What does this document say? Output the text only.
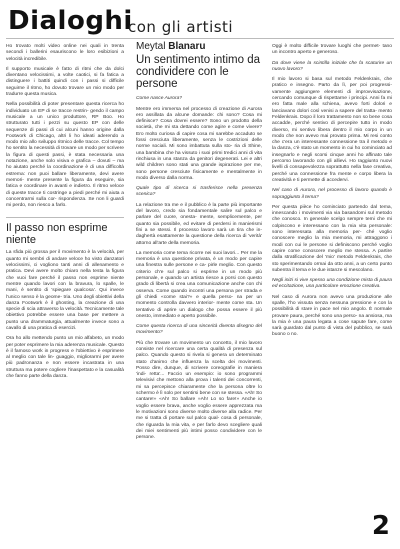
Dialoghi
con gli artisti

Ho trovato molti video online nei quali in trenta secondi i ballerini esauriscono le loro esibizioni a velocità incredibile.

Il supporto musicale è fatto di ritmi che da dolci diventano velocissimi, a volte caotici, si fa fatica a distinguere i battiti quindi con i passi si difficile seguirne il ritmo, ho dovuto trovare un mio modo per tradurre questa musica.

Nella possibilità di poter presentare questa ricerca ho individuato un EP di se tracce restrin- gendo il campo musicale a un unico produttore, RP Boo. Ho strutturato tutti i pezzi su questo EP con delle sequenze di passi di cui alcuni hanno origine dalla Footwork di Chicago, altri li ho ideati aderendo a modo mio allo sviluppo ritmico delle tracce. Col tempo ho sentito la necessità di trovare un modo per scrivere la figura di questi passi, è stata necessaria una notazione, anche solo visiva e grafica – dovuti – ma ho aiutato perché la coordinazione è di una difficoltà estrema: non puoi ballare liberamente, devi avere memori- mente presente la figura da eseguire, sia fatica e coordinare in avanti e indietro. Il ritmo veloce di queste tracce ti costringe a piedi perché mi aiuta a concentrarmi sulla cor- rispondenza. Se non li guardi mi perdo, non riesco a farlo.

Il passo non esprime niente

La sfida più grossa per il movimento è la velocità, per quanto mi sembri di andare veloce ho visto danzatori velocissimi, ci vogliono tanti anni di allenamento e pratica. Devi avere molto chiaro nella testa la figura che vuoi fare perché il passo non esprime niente mentre quando lavori con la bravura, lo spalle, le mani, è sentito di 'spiegare qualcosa'. Qui invece l'unico senso è la geome- tria. Uno degli obiettivi della danza Footwork è il ghosting, la creazione di una specie di scia attraverso la velocità. Tecnicamente tale obiettivo potrebbe essere una base per mettere a punto una drammaturgia, attualmente invece sono a cavallo di una pratica di esercizi.

Ora ho allo mettendo punto un mio alfabeto, un modo per poter esprimere la mia aderenza musicale. Questo è il famoso work in progress e l'obiettivo è esprimere al meglio con tale lin- guaggio, migliorarmi per avere più padronanza e non essere incastrata in una struttura ma potere cogliere l'inaspettato e la casualità che fanno parte della danza.

Meytal Blanaru

Un sentimento intimo da condividere con le persone

Come nasce Aurora?

Mentre ero immersa nel processo di creazione di Aurora ero assillata da alcune domande: chi sono? Cosa mi definisce? Cosa dovrei essere? Sono un prodotto della società, che mi sta dettando come agire e come vivere? Ero molto curiosa di capire cosa mi sarebbe accaduto se fossi cresciuta liberamente, senza le costrizioni delle norme sociali. Mi sono imbattuta sulla sto- ria di Shine, una bambina che ha vissuto i suoi primi tredici anni di vita rinchiusa in una stanza da genitori degenerati. Lei e altri wild children sono stati una grande ispirazione per me, sono persone cresciute fisicamente e mentalmente in modo diverso dalla norma.

Quale tipo di ricerca si trasferisce nella presenza scenica?

La relazione tra me e il pubblico è la parte più importante del lavoro, credo sia fondamentale salire sul palco e parlare del cuore, onesta- mente, semplicemente, per quanto sia possibile, ed evitare di perdersi in manierismi fini a se stessi. Il processo lavoro sarà un tira che in- daghertà esattamente la questione della ricerca di 'verità' attorno all'arte della memoria.

La memoria come tema ricorre nei suoi lavori... Per me la memoria è una questione privata, è un modo per capire una finestra sulle persone e ca- pirle meglio. Con questo criterio ch'e sul palco si esprime in un modo più personale, e quando un artista riesce a porsi con questo grado di libertà si crea una comunicazione anche con chi osserva. Come quando incontri una persona per strada e gli chiedi «come stai?» e quella perso- na per un momento controlla davvero interior- mente come sta. Un tentativo di aprire un dialogo che possa essere il più onesto, immediato e aperto possibile.

Come questa ricerca di una sincerità diventa disegno del movimento?

Più che trovare un movimento un concetto, il mio lavoro consiste nel ricercare una certa qualità di presenza sul palco. Quando questo si rivela si genera un determinato stato d'animo che influenza la scelta dei movimenti. Posso dire, dunque, di scrivere coreografie in maniera 'indi- retta'... Faccio un esempio: io sono programmi televisivi che mettono alla prova i talenti dei concorrenti, mi sa percepisce chiaramente che la persona oltre lo schermo è lì solo per sentirsi bene con se stessa. «Ah! So cantare!» «Ah! So ballare »Ah! Lo so fare!» Anche io voglio essere brava, anche voglio essere apprezzata ma le motivazioni sono diverse molto diverse alla radice. Per me si tratta di portare sul palco qual- cosa di personale, che riguarda la mia vita, e per farlo devo scegliere quali dei miei sentimenti più intimi posso condividere con le persone.

Oggi è molto difficile trovare luoghi che permet- tano un incontro aperto e generoso.

Da dove viene la scintilla iniziale che fa scaturire un nuovo lavoro?

Il mio lavoro si basa sul metodo Feldenkrais, che pratico e insegno. Parto da lì, per poi progressi- vamente aggiungere elementi di improvvisazione, cercando comunque di rispettarne i principi. Anni fa mi ero fatta male alla schiena, avevo forti dolori e lanciavano dolori così venisi a sapere del tratta- mento Feldenkrais. Dopo il loro trattamento non so bene cosa accadde, perché sentivo di percepire tutto in modo diverso, mi sentivo libera dentro il mio corpo in un modo che non avevo mai provato prima. Mi resi conto che c'era un interessante connessione tra il metodo e la danza, c'è stato un momento in cui ho cominciato ad insegnarlo e negli scorsi cinque anni ho affinato tale percorso lavorando con gli allievi. Ho raggiunto nuovi livelli di consapevolezza soprattutto nella fase creativa, perché una connessione fra mente e corpo libera la creatività e ti permette di accedervi.

Nel caso di Aurora, nel processo di lavoro quando è sopraggiunto il tema?

Per questa pièce ho cominciato partendo dal tema, innescando i movimenti via via basandomi sul metodo che conosco. In generale scelgo sempre temi che mi colpiscono e interessano con la mia vita personale: sono interessata alla memoria per- ché voglio conoscere meglio la mia memoria, mi attraggono i modi con cui le persone si definiscono perché voglio capire come conoscere meglio me stessa. A partire dalla stratificazione del 'mio' metodo Feldenkrais, che sto sperimentando ormai da otto anni, a un certo punto subentra il tema e le due istanze si mescolano.

Negli inizi si vive spesso una condizione mista di paura ed eccitazione, una particolare emozione creativa.

Nel caso di Aurora non avevo una produzione alle spalle, l'ho vissuta senza nessuna pressione e con la possibilità di stare in pace nel mio angolo. È normale provare paura, perché sono una perso- na ansiosa, ma la mia è una paura legata a cose sapute fare, come sarà guardato dal punto di vista del pubblico, se sarà buono o no.

2
